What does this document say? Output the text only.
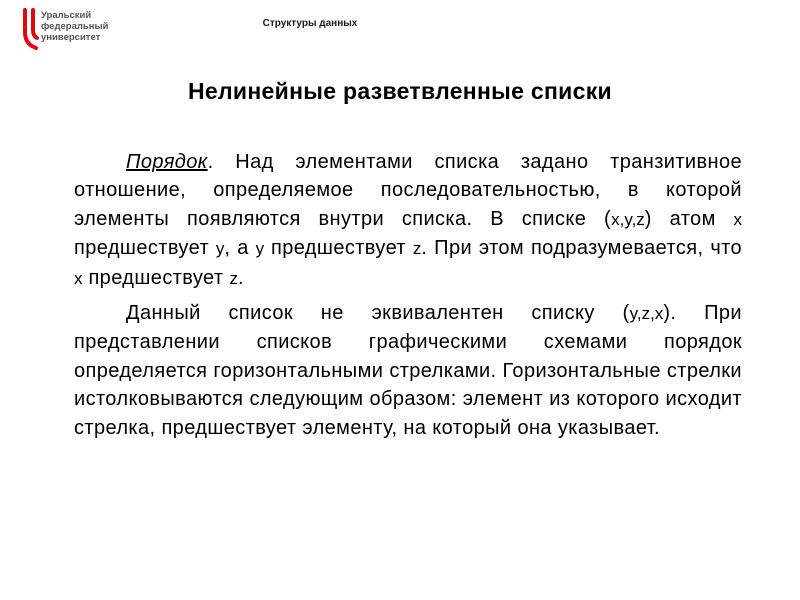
Уральский
федеральный
университет
Структуры данных
Нелинейные разветвленные списки

Порядок. Над элементами списка задано транзитивное отношение, определяемое последовательностью, в которой элементы появляются внутри списка. В списке (x,y,z) атом x предшествует y, а y предшествует z. При этом подразумевается, что x предшествует z.

Данный список не эквивалентен списку (y,z,x). При представлении списков графическими схемами порядок определяется горизонтальными стрелками. Горизонтальные стрелки истолковываются следующим образом: элемент из которого исходит стрелка, предшествует элементу, на который она указывает.
